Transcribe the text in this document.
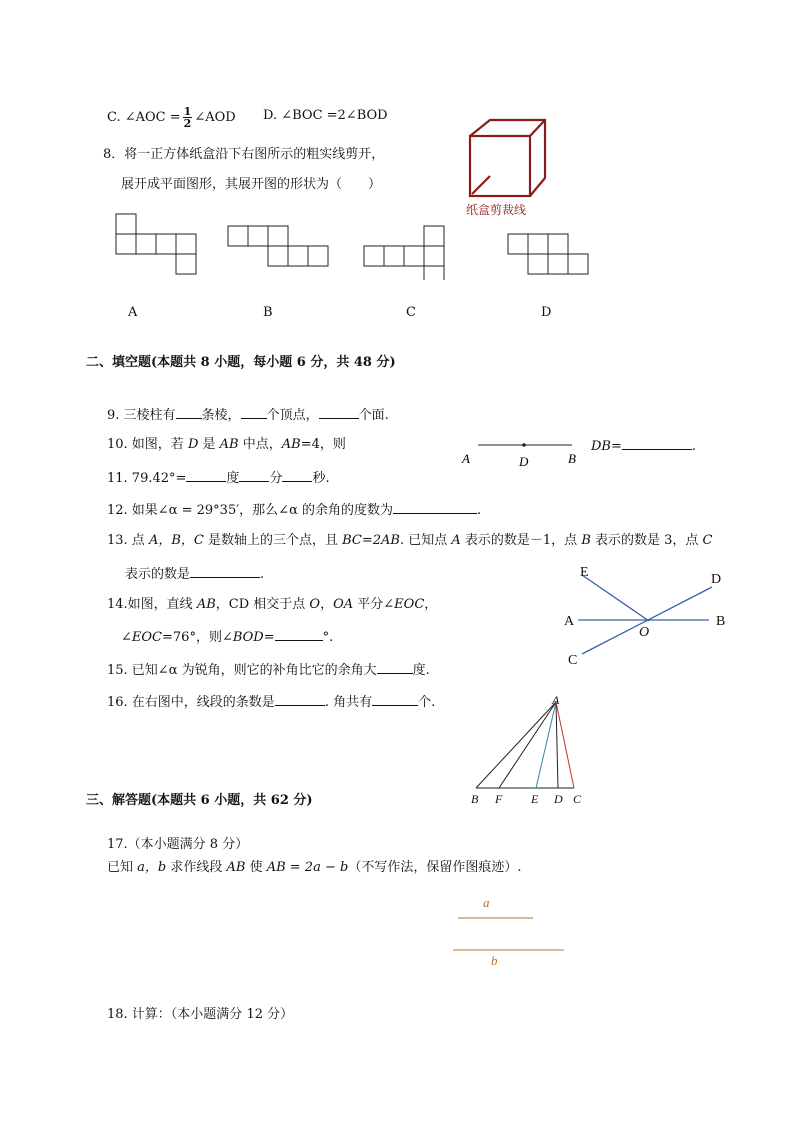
C. ∠AOC = $\frac{1}{2}$ ∠AOD D. ∠BOC =2∠BOD
8．将一正方体纸盒沿下右图所示的粗实线剪开，
展开成平面图形，其展开图的形状为（　　）
纸盒剪裁线
A	B	C	D
二、填空题(本题共 8 小题，每小题 6 分，共 48 分)
9. 三棱柱有 条棱， 个顶点，	个面.
10. 如图，若 D 是 AB 中点，AB=4，则
A	D	B
DB=	.
11. 79.42°=	度 分 秒.
12. 如果∠α = 29°35′，那么∠α 的余角的度数为	.
13. 点 A，B，C 是数轴上的三个点，且 BC=2AB. 已知点 A 表示的数是－1，点 B 表示的数是 3，点 C
表示的数是	.	E	D
A
O
B
C
14.如图，直线 AB，CD 相交于点 O，OA 平分∠EOC，
∠EOC=76°，则∠BOD=	°.
15. 已知∠α 为锐角，则它的补角比它的余角大	度.
16. 在右图中，线段的条数是	. 角共有	个.	A
B F E D C
三、解答题(本题共 6 小题，共 62 分)
17.（本小题满分 8 分）
已知 a，b 求作线段 AB 使 AB = 2a − b（不写作法，保留作图痕迹）.
a
b
18. 计算：（本小题满分 12 分）
